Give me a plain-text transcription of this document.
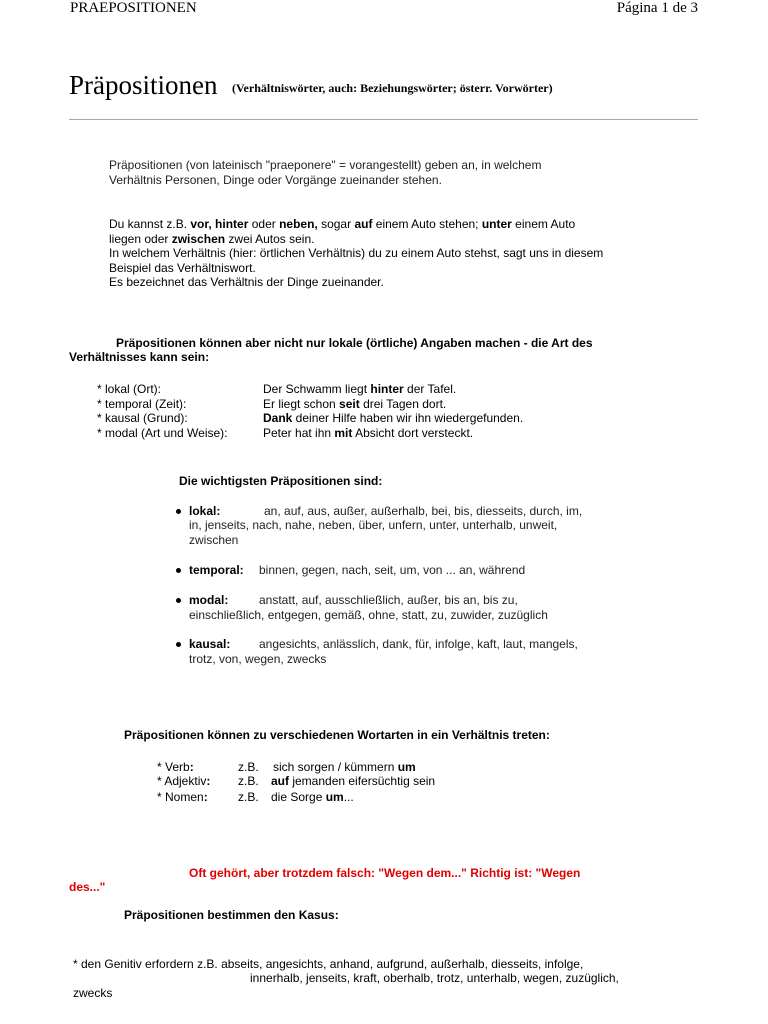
PRAEPOSITIONEN	Página 1 de 3
Präpositionen (Verhältniswörter, auch: Beziehungswörter; österr. Vorwörter)
Präpositionen (von lateinisch "praeponere" = vorangestellt) geben an, in welchem
Verhältnis Personen, Dinge oder Vorgänge zueinander stehen.
Du kannst z.B. vor, hinter oder neben, sogar auf einem Auto stehen; unter einem Auto
liegen oder zwischen zwei Autos sein.
In welchem Verhältnis (hier: örtlichen Verhältnis) du zu einem Auto stehst, sagt uns in diesem
Beispiel das Verhältniswort.
Es bezeichnet das Verhältnis der Dinge zueinander.
Präpositionen können aber nicht nur lokale (örtliche) Angaben machen - die Art des
Verhältnisses kann sein:
* lokal (Ort):	Der Schwamm liegt hinter der Tafel.
* temporal (Zeit):	Er liegt schon seit drei Tagen dort.
* kausal (Grund):	Dank deiner Hilfe haben wir ihn wiedergefunden.
* modal (Art und Weise):	Peter hat ihn mit Absicht dort versteckt.
Die wichtigsten Präpositionen sind:
lokal:	an, auf, aus, außer, außerhalb, bei, bis, diesseits, durch, im,
in, jenseits, nach, nahe, neben, über, unfern, unter, unterhalb, unweit,
zwischen
temporal: binnen, gegen, nach, seit, um, von ... an, während
modal:	anstatt, auf, ausschließlich, außer, bis an, bis zu,
einschließlich, entgegen, gemäß, ohne, statt, zu, zuwider, zuzüglich
kausal: angesichts, anlässlich, dank, für, infolge, kaft, laut, mangels,
trotz, von, wegen, zwecks
Präpositionen können zu verschiedenen Wortarten in ein Verhältnis treten:
* Verb:	z.B. sich sorgen / kümmern um
* Adjektiv: z.B. auf jemanden eifersüchtig sein
* Nomen:	z.B. die Sorge um...
Oft gehört, aber trotzdem falsch: "Wegen dem..." Richtig ist: "Wegen
des..."
Präpositionen bestimmen den Kasus:
* den Genitiv erfordern z.B. abseits, angesichts, anhand, aufgrund, außerhalb, diesseits, infolge,
innerhalb, jenseits, kraft, oberhalb, trotz, unterhalb, wegen, zuzüglich,
zwecks
